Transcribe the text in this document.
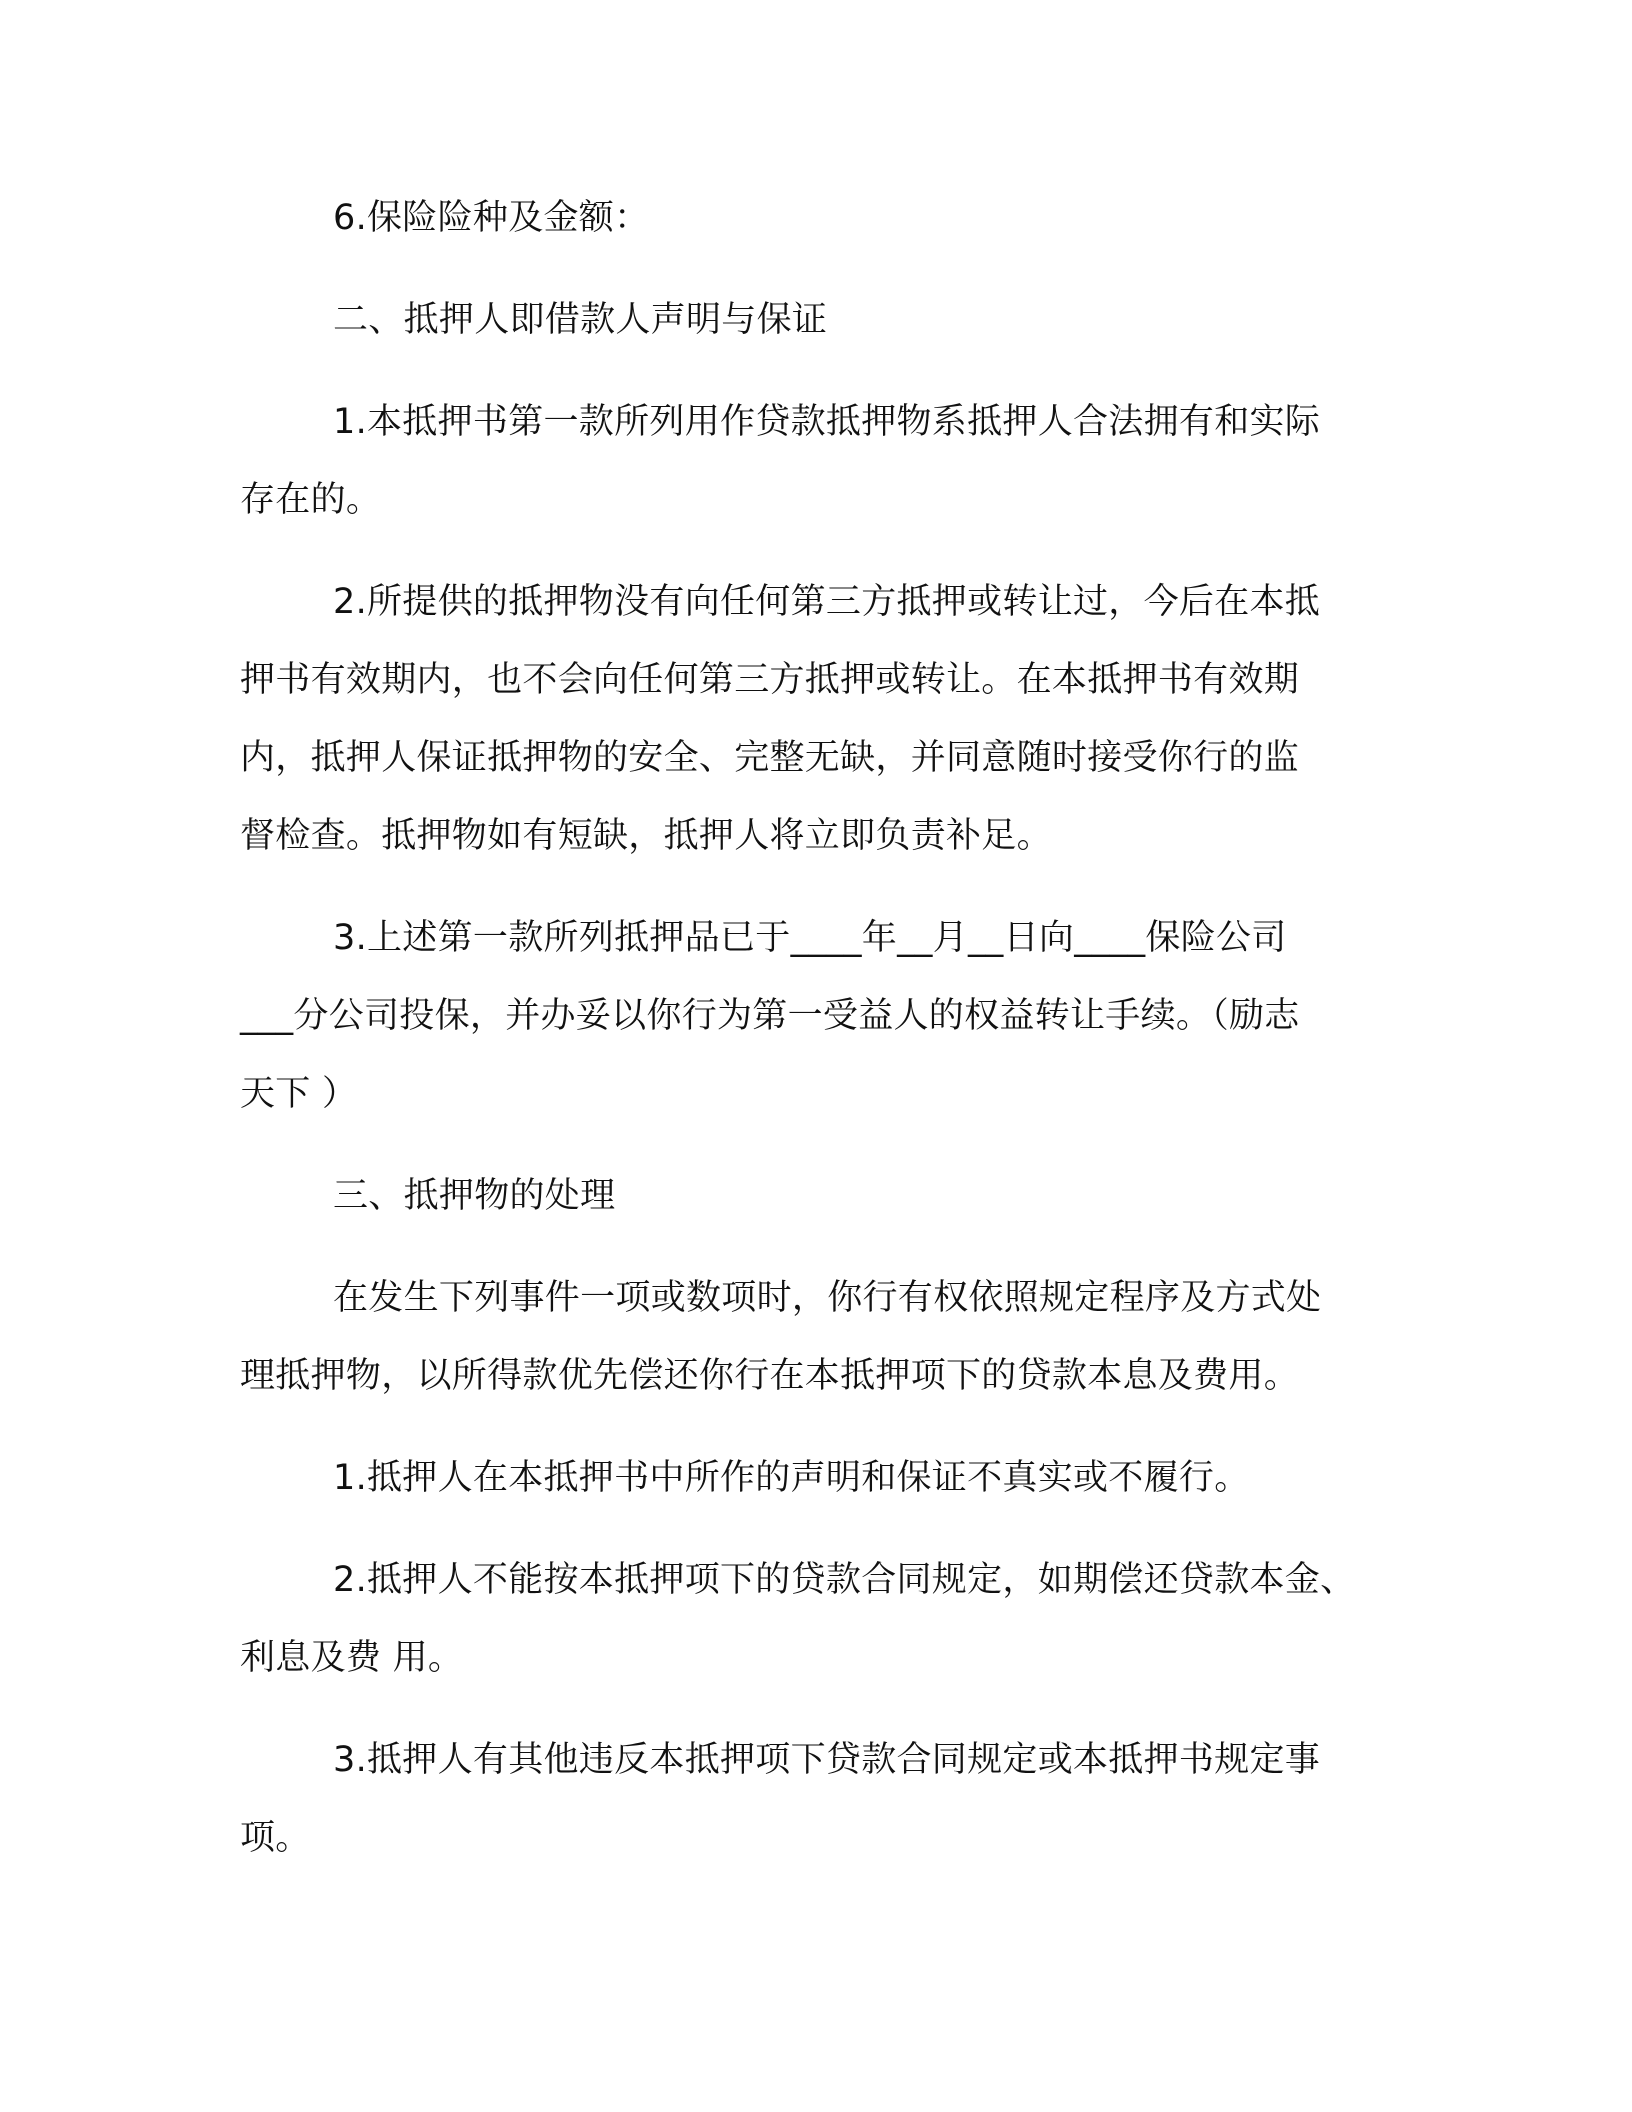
6.保险险种及金额：

二、抵押人即借款人声明与保证

1.本抵押书第一款所列用作贷款抵押物系抵押人合法拥有和实际

存在的。

2.所提供的抵押物没有向任何第三方抵押或转让过，今后在本抵

押书有效期内，也不会向任何第三方抵押或转让。在本抵押书有效期

内，抵押人保证抵押物的安全、完整无缺，并同意随时接受你行的监

督检查。抵押物如有短缺，抵押人将立即负责补足。

3.上述第一款所列抵押品已于____年__月__日向____保险公司

___分公司投保，并办妥以你行为第一受益人的权益转让手续。（励志

天下 ）

三、抵押物的处理

在发生下列事件一项或数项时，你行有权依照规定程序及方式处

理抵押物，以所得款优先偿还你行在本抵押项下的贷款本息及费用。

1.抵押人在本抵押书中所作的声明和保证不真实或不履行。

2.抵押人不能按本抵押项下的贷款合同规定，如期偿还贷款本金、

利息及费 用。

3.抵押人有其他违反本抵押项下贷款合同规定或本抵押书规定事

项。
